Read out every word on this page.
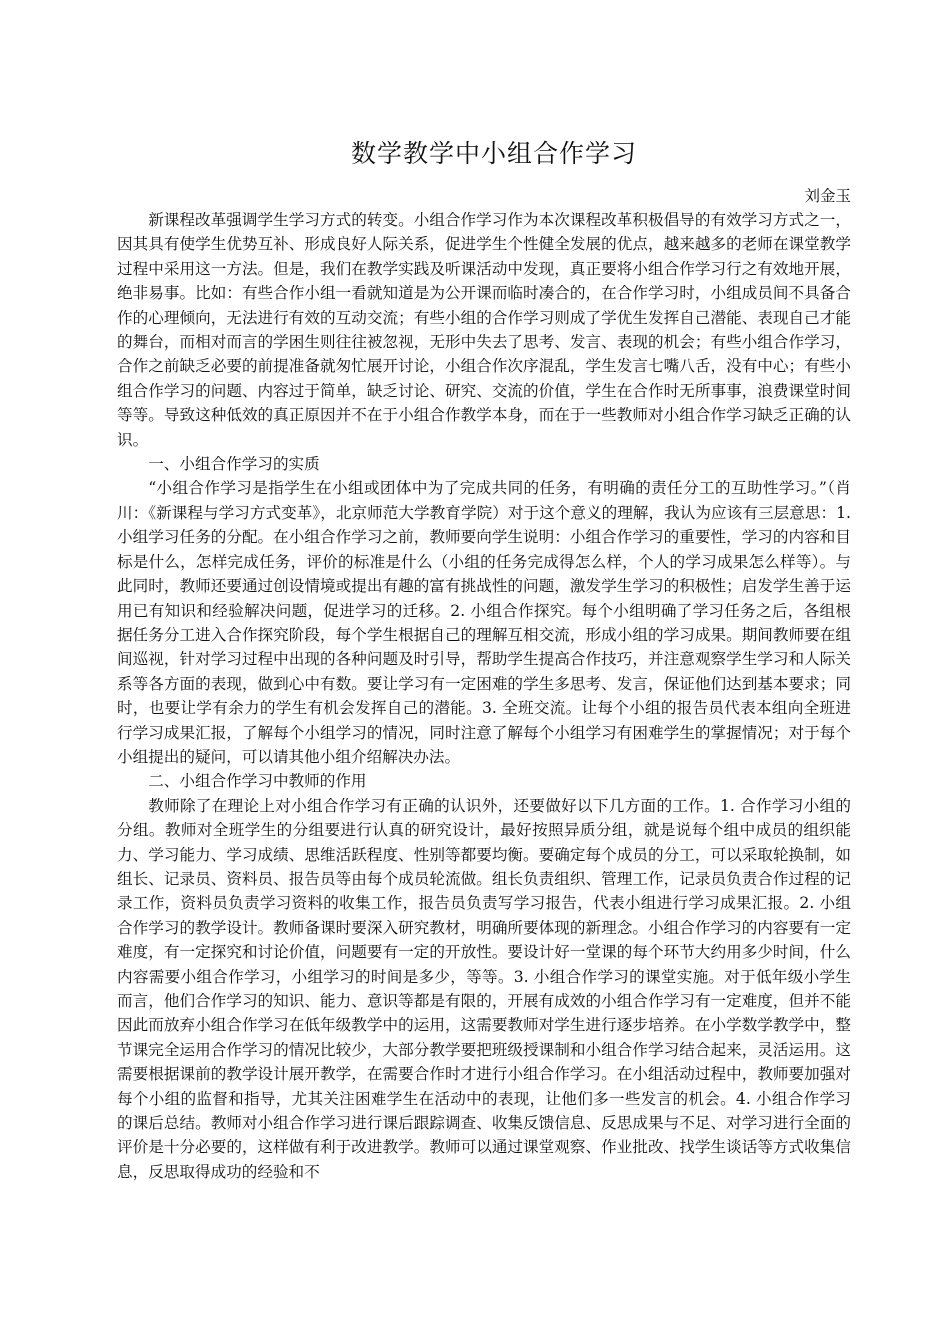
数学教学中小组合作学习
刘金玉

新课程改革强调学生学习方式的转变。小组合作学习作为本次课程改革积极倡导的有效学习方式之一，因其具有使学生优势互补、形成良好人际关系，促进学生个性健全发展的优点，越来越多的老师在课堂教学过程中采用这一方法。但是，我们在教学实践及听课活动中发现，真正要将小组合作学习行之有效地开展，绝非易事。比如：有些合作小组一看就知道是为公开课而临时凑合的，在合作学习时，小组成员间不具备合作的心理倾向，无法进行有效的互动交流；有些小组的合作学习则成了学优生发挥自己潜能、表现自己才能的舞台，而相对而言的学困生则往往被忽视，无形中失去了思考、发言、表现的机会；有些小组合作学习，合作之前缺乏必要的前提准备就匆忙展开讨论，小组合作次序混乱，学生发言七嘴八舌，没有中心；有些小组合作学习的问题、内容过于简单，缺乏讨论、研究、交流的价值，学生在合作时无所事事，浪费课堂时间等等。导致这种低效的真正原因并不在于小组合作教学本身，而在于一些教师对小组合作学习缺乏正确的认识。

一、小组合作学习的实质

“小组合作学习是指学生在小组或团体中为了完成共同的任务，有明确的责任分工的互助性学习。”（肖川：《新课程与学习方式变革》，北京师范大学教育学院）对于这个意义的理解，我认为应该有三层意思：1. 小组学习任务的分配。在小组合作学习之前，教师要向学生说明：小组合作学习的重要性，学习的内容和目标是什么，怎样完成任务，评价的标准是什么（小组的任务完成得怎么样，个人的学习成果怎么样等）。与此同时，教师还要通过创设情境或提出有趣的富有挑战性的问题，激发学生学习的积极性；启发学生善于运用已有知识和经验解决问题，促进学习的迁移。2. 小组合作探究。每个小组明确了学习任务之后，各组根据任务分工进入合作探究阶段，每个学生根据自己的理解互相交流，形成小组的学习成果。期间教师要在组间巡视，针对学习过程中出现的各种问题及时引导，帮助学生提高合作技巧，并注意观察学生学习和人际关系等各方面的表现，做到心中有数。要让学习有一定困难的学生多思考、发言，保证他们达到基本要求；同时，也要让学有余力的学生有机会发挥自己的潜能。3. 全班交流。让每个小组的报告员代表本组向全班进行学习成果汇报，了解每个小组学习的情况，同时注意了解每个小组学习有困难学生的掌握情况；对于每个小组提出的疑问，可以请其他小组介绍解决办法。

二、小组合作学习中教师的作用

教师除了在理论上对小组合作学习有正确的认识外，还要做好以下几方面的工作。1. 合作学习小组的分组。教师对全班学生的分组要进行认真的研究设计，最好按照异质分组，就是说每个组中成员的组织能力、学习能力、学习成绩、思维活跃程度、性别等都要均衡。要确定每个成员的分工，可以采取轮换制，如组长、记录员、资料员、报告员等由每个成员轮流做。组长负责组织、管理工作，记录员负责合作过程的记录工作，资料员负责学习资料的收集工作，报告员负责写学习报告，代表小组进行学习成果汇报。2. 小组合作学习的教学设计。教师备课时要深入研究教材，明确所要体现的新理念。小组合作学习的内容要有一定难度，有一定探究和讨论价值，问题要有一定的开放性。要设计好一堂课的每个环节大约用多少时间，什么内容需要小组合作学习，小组学习的时间是多少，等等。3. 小组合作学习的课堂实施。对于低年级小学生而言，他们合作学习的知识、能力、意识等都是有限的，开展有成效的小组合作学习有一定难度，但并不能因此而放弃小组合作学习在低年级教学中的运用，这需要教师对学生进行逐步培养。在小学数学教学中，整节课完全运用合作学习的情况比较少，大部分教学要把班级授课制和小组合作学习结合起来，灵活运用。这需要根据课前的教学设计展开教学，在需要合作时才进行小组合作学习。在小组活动过程中，教师要加强对每个小组的监督和指导，尤其关注困难学生在活动中的表现，让他们多一些发言的机会。4. 小组合作学习的课后总结。教师对小组合作学习进行课后跟踪调查、收集反馈信息、反思成果与不足、对学习进行全面的评价是十分必要的，这样做有利于改进教学。教师可以通过课堂观察、作业批改、找学生谈话等方式收集信息，反思取得成功的经验和不
